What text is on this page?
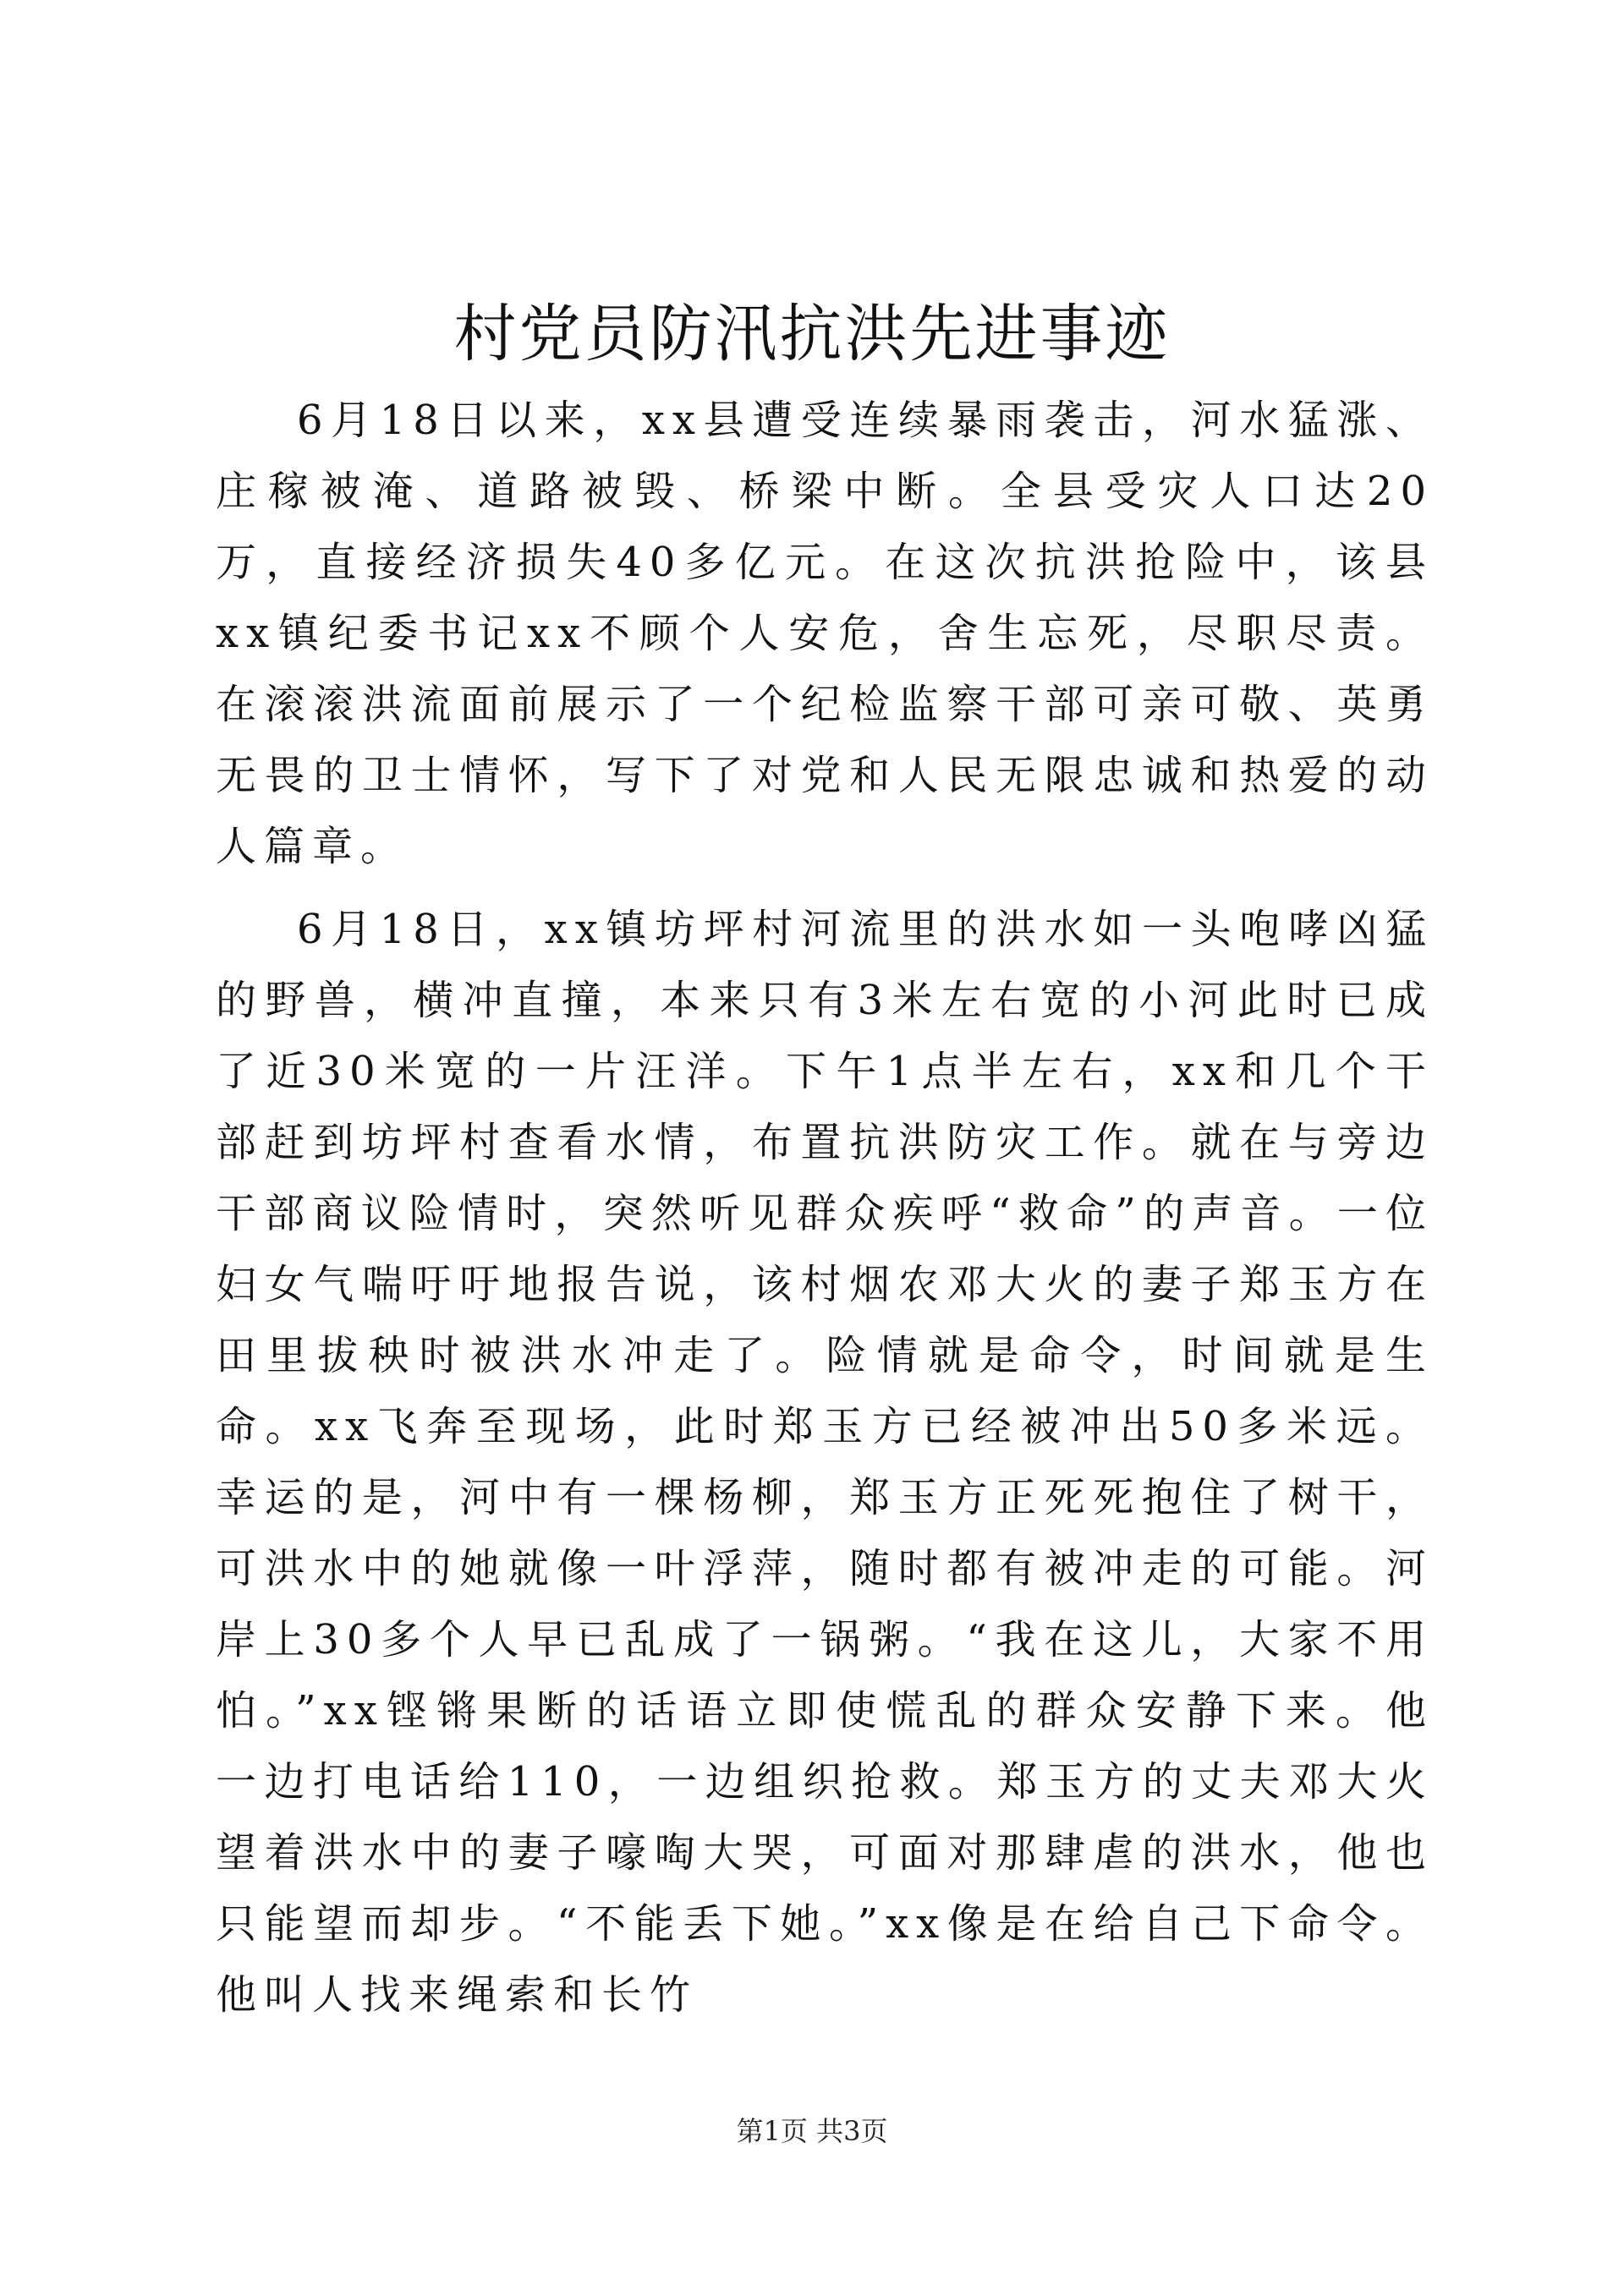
村党员防汛抗洪先进事迹

6月18日以来，xx县遭受连续暴雨袭击，河水猛涨、庄稼被淹、道路被毁、桥梁中断。全县受灾人口达20万，直接经济损失40多亿元。在这次抗洪抢险中，该县xx镇纪委书记xx不顾个人安危，舍生忘死，尽职尽责。在滚滚洪流面前展示了一个纪检监察干部可亲可敬、英勇无畏的卫士情怀，写下了对党和人民无限忠诚和热爱的动人篇章。

6月18日，xx镇坊坪村河流里的洪水如一头咆哮凶猛的野兽，横冲直撞，本来只有3米左右宽的小河此时已成了近30米宽的一片汪洋。下午1点半左右，xx和几个干部赶到坊坪村查看水情，布置抗洪防灾工作。就在与旁边干部商议险情时，突然听见群众疾呼“救命”的声音。一位妇女气喘吁吁地报告说，该村烟农邓大火的妻子郑玉方在田里拔秧时被洪水冲走了。险情就是命令，时间就是生命。xx飞奔至现场，此时郑玉方已经被冲出50多米远。幸运的是，河中有一棵杨柳，郑玉方正死死抱住了树干，可洪水中的她就像一叶浮萍，随时都有被冲走的可能。河岸上30多个人早已乱成了一锅粥。“我在这儿，大家不用怕。”xx铿锵果断的话语立即使慌乱的群众安静下来。他一边打电话给110，一边组织抢救。郑玉方的丈夫邓大火望着洪水中的妻子嚎啕大哭，可面对那肆虐的洪水，他也只能望而却步。“不能丢下她。”xx像是在给自己下命令。他叫人找来绳索和长竹

第1页 共3页
